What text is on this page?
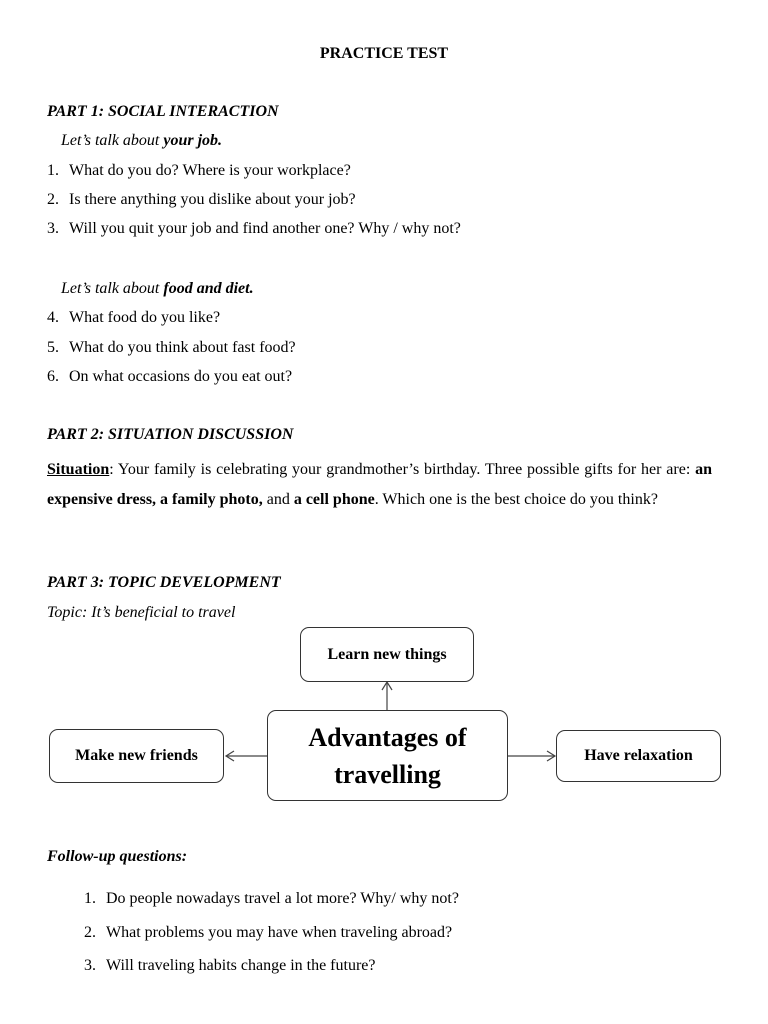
PRACTICE TEST
PART 1: SOCIAL INTERACTION
Let’s talk about your job.
1. What do you do? Where is your workplace?
2. Is there anything you dislike about your job?
3. Will you quit your job and find another one? Why / why not?
Let’s talk about food and diet.
4. What food do you like?
5. What do you think about fast food?
6. On what occasions do you eat out?
PART 2: SITUATION DISCUSSION
Situation: Your family is celebrating your grandmother’s birthday. Three possible gifts for her are: an expensive dress, a family photo, and a cell phone. Which one is the best choice do you think?
PART 3: TOPIC DEVELOPMENT
Topic: It’s beneficial to travel
Learn new things
Advantages of travelling
Make new friends	Have relaxation
Follow-up questions:
1. Do people nowadays travel a lot more? Why/ why not?
2. What problems you may have when traveling abroad?
3. Will traveling habits change in the future?
